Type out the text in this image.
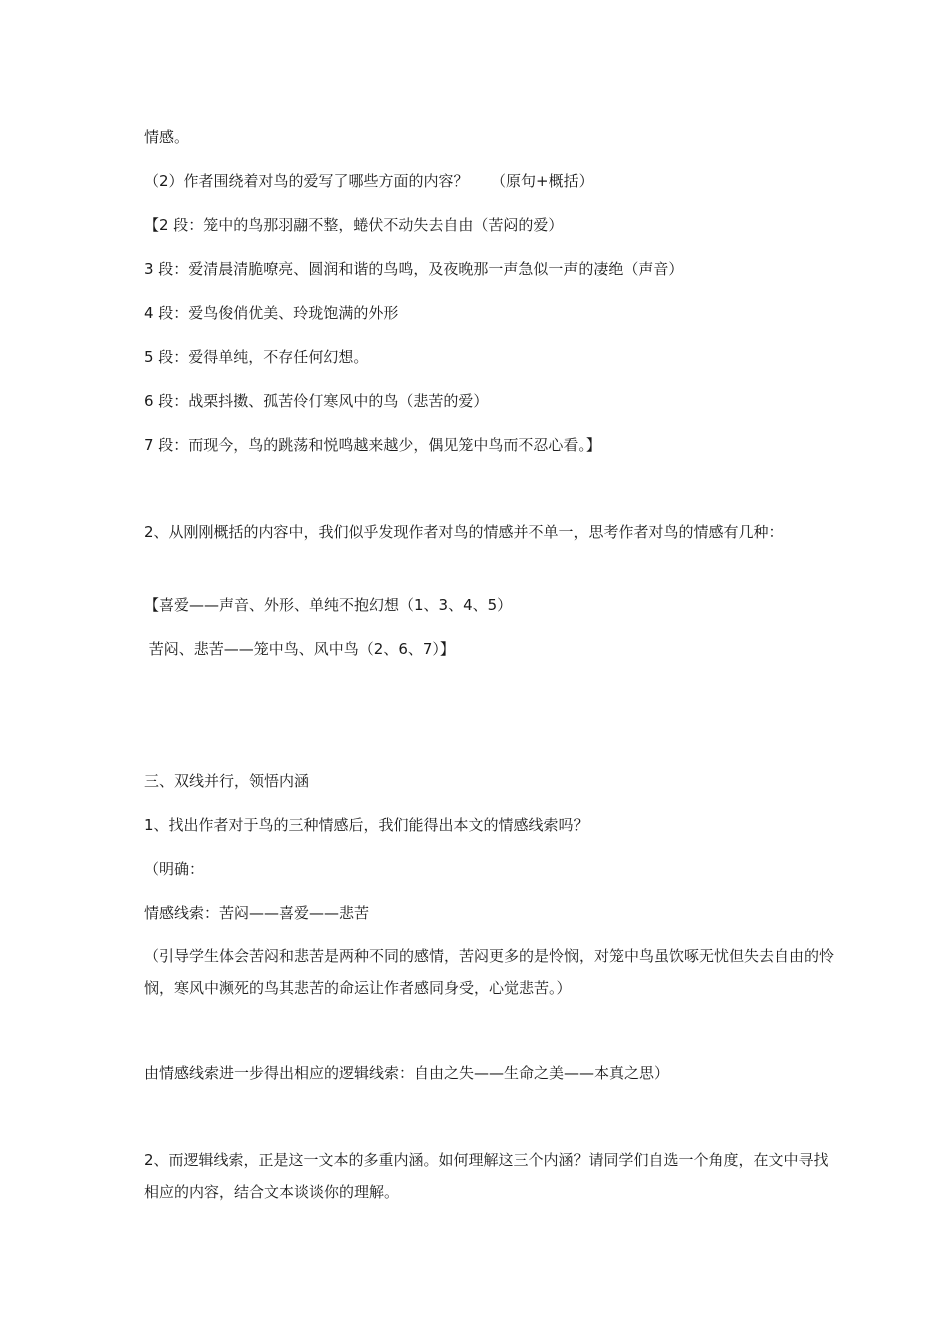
情感。
（2）作者围绕着对鸟的爱写了哪些方面的内容？　　（原句+概括）
【2 段：笼中的鸟那羽翮不整，蜷伏不动失去自由（苦闷的爱）
3 段：爱清晨清脆嘹亮、圆润和谐的鸟鸣，及夜晚那一声急似一声的凄绝（声音）
4 段：爱鸟俊俏优美、玲珑饱满的外形
5 段：爱得单纯，不存任何幻想。
6 段：战栗抖擞、孤苦伶仃寒风中的鸟（悲苦的爱）
7 段：而现今，鸟的跳荡和悦鸣越来越少，偶见笼中鸟而不忍心看。】
2、从刚刚概括的内容中，我们似乎发现作者对鸟的情感并不单一，思考作者对鸟的情感有几种：
【喜爱——声音、外形、单纯不抱幻想（1、3、4、5）
苦闷、悲苦——笼中鸟、风中鸟（2、6、7）】
三、双线并行，领悟内涵
1、找出作者对于鸟的三种情感后，我们能得出本文的情感线索吗？
（明确：
情感线索：苦闷——喜爱——悲苦
（引导学生体会苦闷和悲苦是两种不同的感情，苦闷更多的是怜悯，对笼中鸟虽饮啄无忧但失去自由的怜悯，寒风中濒死的鸟其悲苦的命运让作者感同身受，心觉悲苦。）
由情感线索进一步得出相应的逻辑线索：自由之失——生命之美——本真之思）
2、而逻辑线索，正是这一文本的多重内涵。如何理解这三个内涵？请同学们自选一个角度，在文中寻找相应的内容，结合文本谈谈你的理解。
